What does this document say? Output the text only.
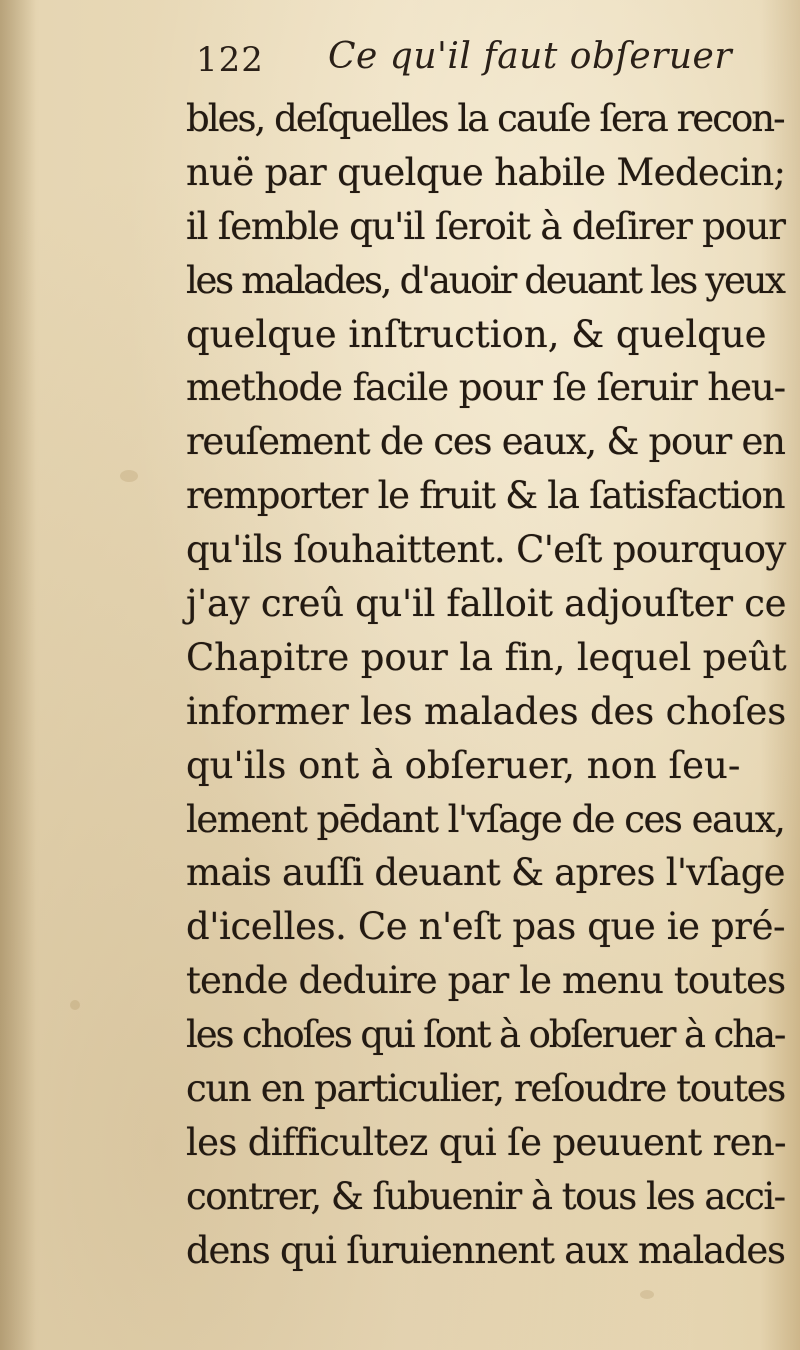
122 Ce qu'il faut obſeruer
bles, deſquelles la cauſe ſera recon-
nuë par quelque habile Medecin;
il ſemble qu'il ſeroit à deſirer pour
les malades, d'auoir deuant les yeux
quelque inſtruction, & quelque
methode facile pour ſe ſeruir heu-
reuſement de ces eaux, & pour en
remporter le fruit & la ſatisfaction
qu'ils ſouhaittent. C'eſt pourquoy
j'ay creû qu'il falloit adjouſter ce
Chapitre pour la fin, lequel peût
informer les malades des choſes
qu'ils ont à obſeruer, non ſeu-
lement pēdant l'vſage de ces eaux,
mais auſſi deuant & apres l'vſage
d'icelles. Ce n'eſt pas que ie pré-
tende deduire par le menu toutes
les choſes qui ſont à obſeruer à cha-
cun en particulier, reſoudre toutes
les difficultez qui ſe peuuent ren-
contrer, & ſubuenir à tous les acci-
dens qui ſuruiennent aux malades
